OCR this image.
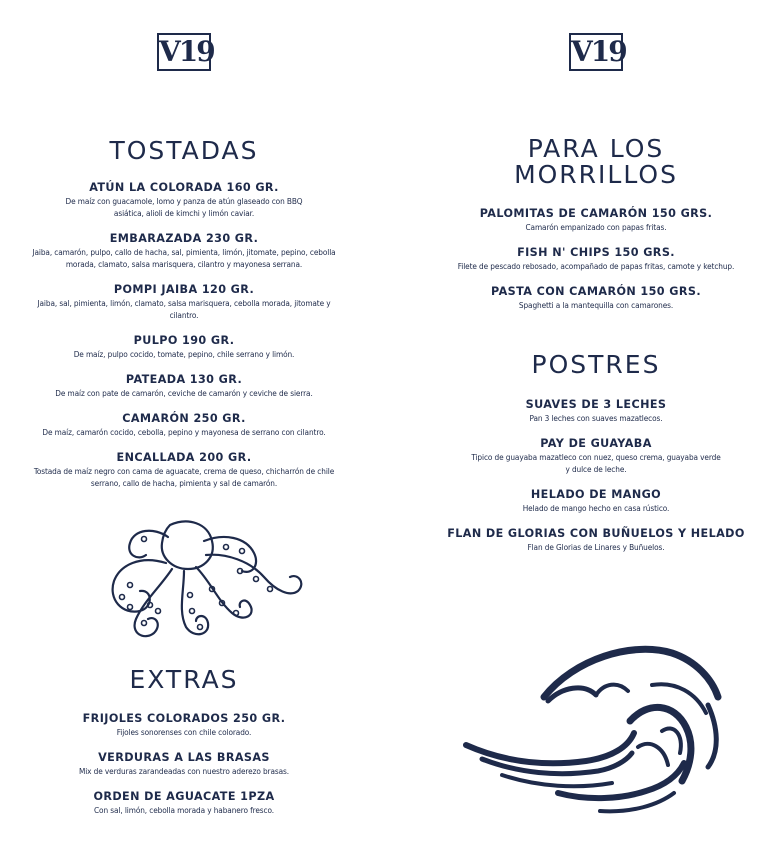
V19
TOSTADAS
ATÚN LA COLORADA 160 GR.
De maíz con guacamole, lomo y panza de atún glaseado con BBQ asiática, alioli de kimchi y limón caviar.
EMBARAZADA 230 GR.
Jaiba, camarón, pulpo, callo de hacha, sal, pimienta, limón, jitomate, pepino, cebolla morada, clamato, salsa marisquera, cilantro y mayonesa serrana.
POMPI JAIBA 120 GR.
Jaiba, sal, pimienta, limón, clamato, salsa marisquera, cebolla morada, jitomate y cilantro.
PULPO 190 GR.
De maíz, pulpo cocido, tomate, pepino, chile serrano y limón.
PATEADA 130 GR.
De maíz con pate de camarón, ceviche de camarón y ceviche de sierra.
CAMARÓN 250 GR.
De maíz, camarón cocido, cebolla, pepino y mayonesa de serrano con cilantro.
ENCALLADA 200 GR.
Tostada de maíz negro con cama de aguacate, crema de queso, chicharrón de chile serrano, callo de hacha, pimienta y sal de camarón.
EXTRAS
FRIJOLES COLORADOS 250 GR.
Fijoles sonorenses con chile colorado.
VERDURAS A LAS BRASAS
Mix de verduras zarandeadas con nuestro aderezo brasas.
ORDEN DE AGUACATE 1PZA
Con sal, limón, cebolla morada y habanero fresco.
V19
PARA LOS
MORRILLOS
PALOMITAS DE CAMARÓN 150 GRS.
Camarón empanizado con papas fritas.
FISH N' CHIPS 150 GRS.
Filete de pescado rebosado, acompañado de papas fritas, camote y ketchup.
PASTA CON CAMARÓN 150 GRS.
Spaghetti a la mantequilla con camarones.
POSTRES
SUAVES DE 3 LECHES
Pan 3 leches con suaves mazatlecos.
PAY DE GUAYABA
Tipico de guayaba mazatleco con nuez, queso crema, guayaba verde y dulce de leche.
HELADO DE MANGO
Helado de mango hecho en casa rústico.
FLAN DE GLORIAS CON BUÑUELOS Y HELADO
Flan de Glorias de Linares y Buñuelos.
